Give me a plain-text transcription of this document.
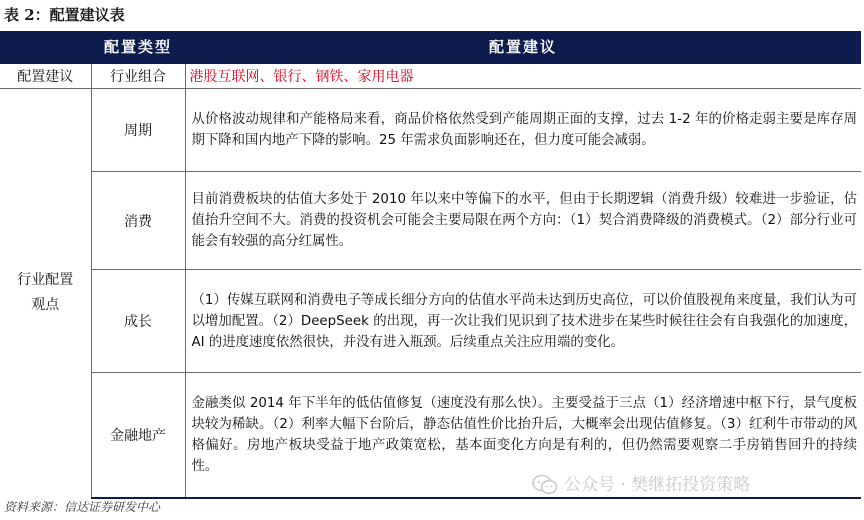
表 2：配置建议表
	配置类型	配置建议
配置建议	行业组合	港股互联网、银行、钢铁、家用电器
行业配置观点	周期	从价格波动规律和产能格局来看，商品价格依然受到产能周期正面的支撑，过去 1-2 年的价格走弱主要是库存周期下降和国内地产下降的影响。25 年需求负面影响还在，但力度可能会减弱。
	消费	目前消费板块的估值大多处于 2010 年以来中等偏下的水平，但由于长期逻辑（消费升级）较难进一步验证，估值抬升空间不大。消费的投资机会可能会主要局限在两个方向：（1）契合消费降级的消费模式。（2）部分行业可能会有较强的高分红属性。
	成长	（1）传媒互联网和消费电子等成长细分方向的估值水平尚未达到历史高位，可以价值股视角来度量，我们认为可以增加配置。（2）DeepSeek 的出现，再一次让我们见识到了技术进步在某些时候往往会有自我强化的加速度，AI 的进度速度依然很快，并没有进入瓶颈。后续重点关注应用端的变化。
	金融地产	金融类似 2014 年下半年的低估值修复（速度没有那么快）。主要受益于三点（1）经济增速中枢下行，景气度板块较为稀缺。（2）利率大幅下台阶后，静态估值性价比抬升后，大概率会出现估值修复。（3）红利牛市带动的风格偏好。房地产板块受益于地产政策宽松，基本面变化方向是有利的，但仍然需要观察二手房销售回升的持续性。
资料来源：信达证券研发中心
公众号 · 樊继拓投资策略
